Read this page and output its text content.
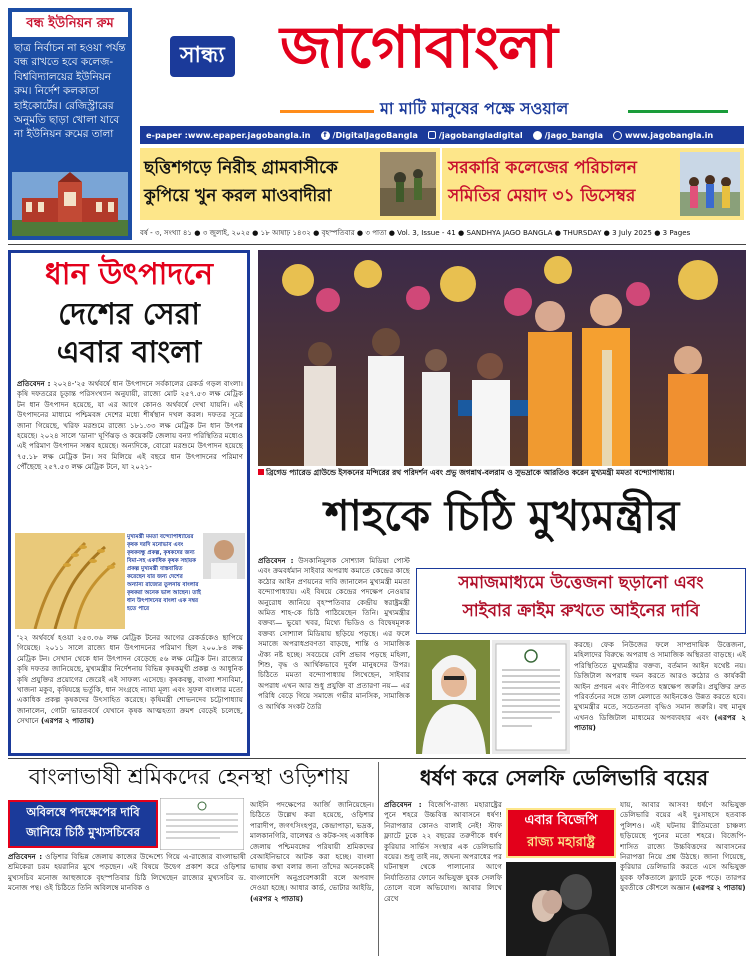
বন্ধ ইউনিয়ন রুম
ছাত্র নির্বাচন না হওয়া পর্যন্ত বন্ধ রাখতে হবে কলেজ-বিশ্ববিদ্যালয়ের ইউনিয়ন রুম। নির্দেশ কলকাতা হাইকোর্টের। রেজিস্ট্রারের অনুমতি ছাড়া খোলা যাবে না ইউনিয়ন রুমের তালা
সান্ধ্য জাগোবাংলা
মা মাটি মানুষের পক্ষে সওয়াল
e-paper :www.epaper.jagobangla.in	f /DigitalJagoBangla	/jagobangladigital	/jago_bangla	www.jagobangla.in
ছত্তিশগড়ে নিরীহ গ্রামবাসীকে কুপিয়ে খুন করল মাওবাদীরা
সরকারি কলেজের পরিচালন সমিতির মেয়াদ ৩১ ডিসেম্বর
বর্ষ - ৩, সংখ্যা ৪১ ● ৩ জুলাই, ২০২৫ ● ১৮ আষাঢ় ১৪৩২ ● বৃহস্পতিবার ● ৩ পাতা ● Vol. 3, Issue - 41 ● SANDHYA JAGO BANGLA ● THURSDAY ● 3 July 2025 ● 3 Pages
ধান উৎপাদনে
দেশের সেরা
এবার বাংলা

প্রতিবেদন : ২০২৪-'২৫ অর্থবর্ষে ধান উৎপাদনে সর্বকালের রেকর্ড গড়ল বাংলা। কৃষি দফতরের চূড়ান্ত পরিসংখ্যান অনুযায়ী, রাজ্যে মোট ২৫৭.৫৩ লক্ষ মেট্রিক টন ধান উৎপাদন হয়েছে, যা এর আগে কোনও অর্থবর্ষে দেখা যায়নি। এই উৎপাদনের মাধ্যমে পশ্চিমবঙ্গ দেশের মধ্যে শীর্ষস্থান দখল করল। দফতর সূত্রে জানা গিয়েছে, খরিফ মরশুমে রাজ্যে ১৮১.৩৩ লক্ষ মেট্রিক টন ধান উৎপন্ন হয়েছে। ২০২৪ সালে 'ডানা' ঘূর্ণিঝড় ও কয়েকটি জেলায় বন্যা পরিস্থিতির মধ্যেও এই পরিমাণ উৎপাদন সম্ভব হয়েছে। অন্যদিকে, বোরো মরশুমে উৎপাদন হয়েছে ৭৫.১৮ লক্ষ মেট্রিক টন। সব মিলিয়ে এই বছরে ধান উৎপাদনের পরিমাণ পৌঁছেছে ২৫৭.৫৩ লক্ষ মেট্রিক টনে, যা ২০২১-

মুখ্যমন্ত্রী মমতা বন্দ্যোপাধ্যায়ের কৃষক দরদি মনোভাব এবং কৃষকবন্ধু প্রকল্প, কৃষকদের জন্য বিমা-সহ একাধিক কৃষক সহায়ক প্রকল্প মুখ্যমন্ত্রী বাস্তবায়িত করেছেন যার জন্য দেশের অন্যান্য রাজ্যের তুলনায় বাংলার কৃষকরা অনেক ভাল আছেন। তাই ধান উৎপাদনের বাংলা এক নম্বর হতে পারে

'২২ অর্থবর্ষে হওয়া ২৫৩.৩৬ লক্ষ মেট্রিক টনের আগের রেকর্ডকেও ছাপিয়ে গিয়েছে। ২০১১ সালে রাজ্যে ধান উৎপাদনের পরিমাণ ছিল ২০০.৮৪ লক্ষ মেট্রিক টন। সেখান থেকে ধান উৎপাদন বেড়েছে ৫৬ লক্ষ মেট্রিক টন। রাজ্যের কৃষি দফতর জানিয়েছে, মুখ্যমন্ত্রীর নির্দেশনায় বিভিন্ন কৃষকমুখী প্রকল্প ও আধুনিক কৃষি প্রযুক্তির প্রয়োগের জেরেই এই সাফল্য এসেছে। কৃষকবন্ধু, বাংলা শস্যবিমা, খাজনা মকুব, কৃষিযন্ত্রে ভর্তুকি, ধান সংগ্রহে ন্যায্য মূল্য এবং সুফল বাংলার মতো একাধিক প্রকল্প কৃষকদের উৎসাহিত করেছে। কৃষিমন্ত্রী শোভনদেব চট্টোপাধ্যায় জানালেন, গোটা ভারতবর্ষে যেখানে কৃষক আত্মহত্যা ক্রমশ বেড়েই চলেছে, সেখানে (এরপর ২ পাতায়)

ব্রিগেড প্যারেড গ্রাউন্ডে ইসকনের মন্দিরের রথ পরিদর্শন এবং প্রভু জগন্নাথ-বলরাম ও সুভদ্রাকে আরতিও করেন মুখ্যমন্ত্রী মমতা বন্দ্যোপাধ্যায়।
শাহকে চিঠি মুখ্যমন্ত্রীর

প্রতিবেদন : উসকানিমূলক সোশ্যাল মিডিয়া পোস্ট এবং ক্রমবর্ধমান সাইবার অপরাধ কমাতে কেন্দ্রের কাছে কঠোর আইন প্রণয়নের দাবি জানালেন মুখ্যমন্ত্রী মমতা বন্দ্যোপাধ্যায়। এই বিষয়ে কেন্দ্রের পদক্ষেপ নেওয়ার অনুরোধ জানিয়ে বৃহস্পতিবার কেন্দ্রীয় স্বরাষ্ট্রমন্ত্রী অমিত শাহ-কে চিঠি পাঠিয়েছেন তিনি। মুখ্যমন্ত্রীর বক্তব্য— ভুয়ো খবর, মিথ্যে ভিডিও ও বিদ্বেষমূলক বক্তব্য সোশ্যাল মিডিয়ায় ছড়িয়ে পড়ছে। এর ফলে সমাজে অপরাধপ্রবণতা বাড়ছে, শান্তি ও সামাজিক ঐক্য নষ্ট হচ্ছে। সবচেয়ে বেশি প্রভাব পড়ছে মহিলা, শিশু, বৃদ্ধ ও আর্থিকভাবে দুর্বল মানুষদের উপর। চিঠিতে মমতা বন্দ্যোপাধ্যায় লিখেছেন, সাইবার অপরাধ এখন আর শুধু প্রযুক্তি বা প্রতারণা নয়— এর পরিধি বেড়ে গিয়ে সমাজে গভীর মানসিক, সামাজিক ও আর্থিক সংকট তৈরি

সমাজমাধ্যমে উত্তেজনা ছড়ানো এবং
সাইবার ক্রাইম রুখতে আইনের দাবি

করছে। ফেক নিউজের ফলে সাম্প্রদায়িক উত্তেজনা, মহিলাদের বিরুদ্ধে অপরাধ ও সামাজিক অস্থিরতা বাড়ছে। এই পরিস্থিতিতে মুখ্যমন্ত্রীর বক্তব্য, বর্তমান আইন যথেষ্ট নয়। ডিজিটাল অপরাধ দমন করতে আরও কঠোর ও কার্যকরী আইন প্রণয়ন এবং নীতিগত হস্তক্ষেপ জরুরি। প্রযুক্তির দ্রুত পরিবর্তনের সঙ্গে তাল মেলাতে আইনকেও উন্নত করতে হবে। মুখ্যমন্ত্রীর মতে, সচেতনতা বৃদ্ধিও সমান জরুরি। বহু মানুষ এখনও ডিজিটাল মাধ্যমের অপব্যবহার এবং (এরপর ২ পাতায়)

বাংলাভাষী শ্রমিকদের হেনস্থা ওড়িশায়
অবিলম্বে পদক্ষেপের দাবি
জানিয়ে চিঠি মুখ্যসচিবের

প্রতিবেদন : ওড়িশার বিভিন্ন জেলায় কাজের উদ্দেশ্যে গিয়ে এ-রাজ্যের বাংলাভাষী শ্রমিকেরা চরম হয়রানির মুখে পড়ছেন। এই বিষয়ে উদ্বেগ প্রকাশ করে ওড়িশার মুখ্যসচিব মনোজ আহুজাকে বৃহস্পতিবার চিঠি লিখেছেন রাজ্যের মুখ্যসচিব ড. মনোজ পন্থ। ওই চিঠিতে তিনি অবিলম্বে মানবিক ও

আইনি পদক্ষেপের আর্জি জানিয়েছেন। চিঠিতে উল্লেখ করা হয়েছে, ওড়িশার পারাদীপ, জগৎসিংহপুর, কেন্দ্রাপাড়া, ভদ্রক, মালকানগিরি, বালেশ্বর ও কটক-সহ একাধিক জেলায় পশ্চিমবঙ্গের পরিযায়ী শ্রমিকদের বেআইনিভাবে আটক করা হচ্ছে। বাংলা ভাষায় কথা বলার জন্য তাঁদের অনেককেই বাংলাদেশি অনুপ্রবেশকারী বলে অপবাদ দেওয়া হচ্ছে। আধার কার্ড, ভোটার আইডি, (এরপর ২ পাতায়)

ধর্ষণ করে সেলফি ডেলিভারি বয়ের

প্রতিবেদন : বিজেপি-রাজ্য মহারাষ্ট্রের পুনে শহরে উচ্চবিত্ত আবাসনে ধর্ষণ! নিরাপত্তার কোনও বালাই নেই! স্টাফ ফ্ল্যাটে ঢুকে ২২ বছরের তরুণীকে ধর্ষণ কুরিয়ার সার্ভিস সংস্থার এক ডেলিভারি বয়ের। শুধু তাই নয়, জঘন্য অপরাধের পর ঘটনাস্থল থেকে পালানোর আগে নির্যাতিতার ফোনে অভিযুক্ত যুবক সেলফি তোলে বলে অভিযোগ। আবার লিখে রেখে

এবার বিজেপি
রাজ্য মহারাষ্ট্র

যায়, আবার আসব! ধর্ষণে অভিযুক্ত ডেলিভারি বয়ের এই দুঃসাহসে হতবাক পুলিশও। এই ঘটনায় রীতিমতো চাঞ্চল্য ছড়িয়েছে পুনের মতো শহরে। বিজেপি-শাসিত রাজ্যে উচ্চবিত্তদের আবাসনের নিরাপত্তা নিয়ে প্রশ্ন উঠছে। জানা গিয়েছে, কুরিয়ার ডেলিভারি করতে এসে অভিযুক্ত যুবক ফাঁকতালে ফ্ল্যাটে ঢুকে পড়ে। তারপর যুবতীকে কৌশলে অজ্ঞান (এরপর ২ পাতায়)
